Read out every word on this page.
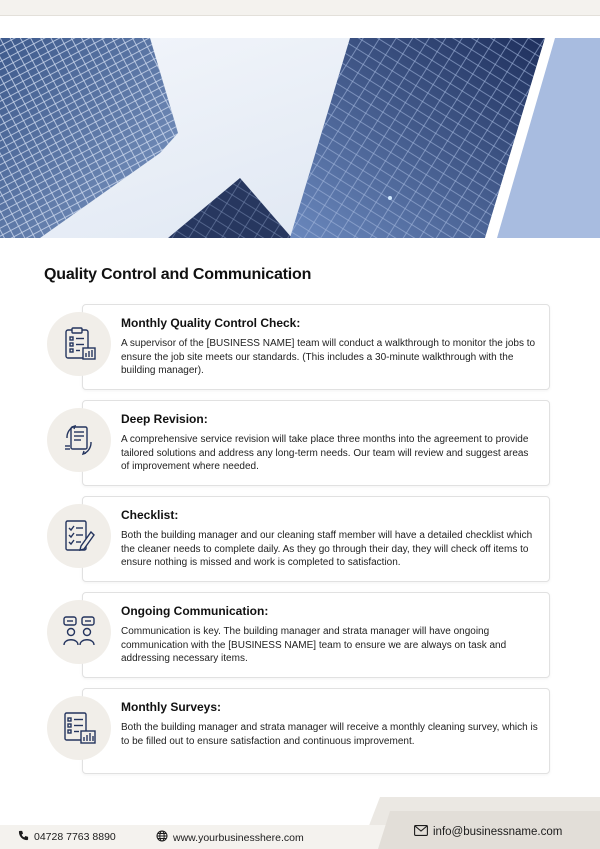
Quality Control and Communication
Monthly Quality Control Check:
A supervisor of the [BUSINESS NAME] team will conduct a walkthrough to monitor the jobs to ensure the job site meets our standards. (This includes a 30-minute walkthrough with the building manager).
Deep Revision:
A comprehensive service revision will take place three months into the agreement to provide tailored solutions and address any long-term needs. Our team will review and suggest areas of improvement where needed.
Checklist:
Both the building manager and our cleaning staff member will have a detailed checklist which the cleaner needs to complete daily. As they go through their day, they will check off items to ensure nothing is missed and work is completed to satisfaction.
Ongoing Communication:
Communication is key. The building manager and strata manager will have ongoing communication with the [BUSINESS NAME] team to ensure we are always on task and addressing necessary items.
Monthly Surveys:
Both the building manager and strata manager will receive a monthly cleaning survey, which is to be filled out to ensure satisfaction and continuous improvement.
04728 7763 8890	www.yourbusinesshere.com	info@businessname.com
